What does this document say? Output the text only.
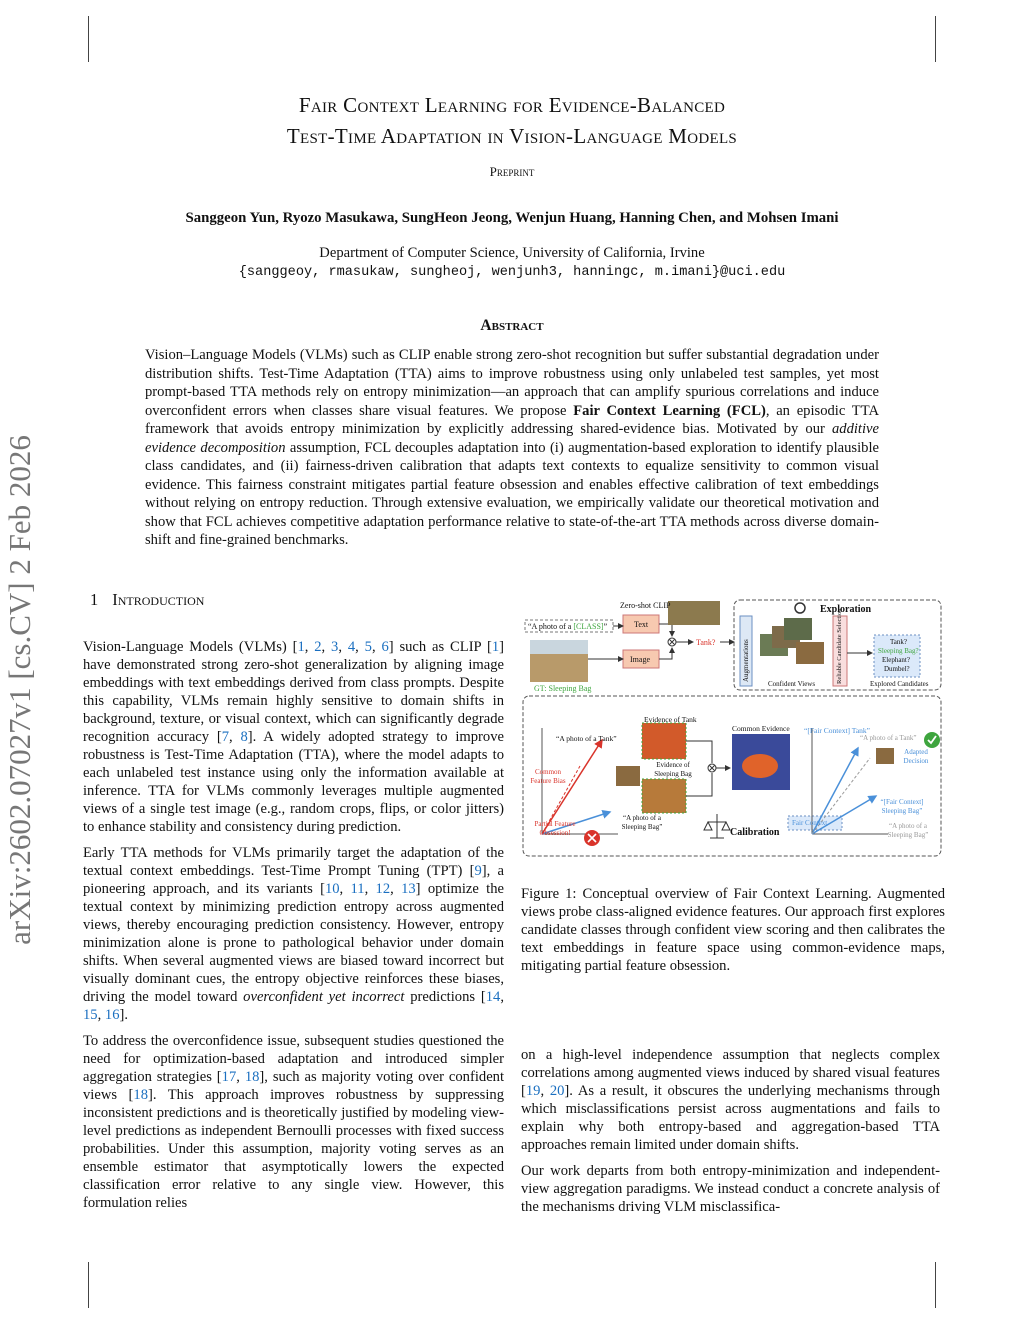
arXiv:2602.07027v1 [cs.CV] 2 Feb 2026
Fair Context Learning for Evidence-Balanced
Test-Time Adaptation in Vision-Language Models
Preprint
Sanggeon Yun, Ryozo Masukawa, SungHeon Jeong, Wenjun Huang, Hanning Chen, and Mohsen Imani
Department of Computer Science, University of California, Irvine
{sanggeoy, rmasukaw, sungheoj, wenjunh3, hanningc, m.imani}@uci.edu
Abstract
Vision–Language Models (VLMs) such as CLIP enable strong zero-shot recognition but suffer substantial degradation under distribution shifts. Test-Time Adaptation (TTA) aims to improve robustness using only unlabeled test samples, yet most prompt-based TTA methods rely on entropy minimization—an approach that can amplify spurious correlations and induce overconfident errors when classes share visual features. We propose Fair Context Learning (FCL), an episodic TTA framework that avoids entropy minimization by explicitly addressing shared-evidence bias. Motivated by our additive evidence decomposition assumption, FCL decouples adaptation into (i) augmentation-based exploration to identify plausible class candidates, and (ii) fairness-driven calibration that adapts text contexts to equalize sensitivity to common visual evidence. This fairness constraint mitigates partial feature obsession and enables effective calibration of text embeddings without relying on entropy reduction. Through extensive evaluation, we empirically validate our theoretical motivation and show that FCL achieves competitive adaptation performance relative to state-of-the-art TTA methods across diverse domain-shift and fine-grained benchmarks.
1 Introduction

Vision-Language Models (VLMs) [1, 2, 3, 4, 5, 6] such as CLIP [1] have demonstrated strong zero-shot generalization by aligning image embeddings with text embeddings derived from class prompts. Despite this capability, VLMs remain highly sensitive to domain shifts in background, texture, or visual context, which can significantly degrade recognition accuracy [7, 8]. A widely adopted strategy to improve robustness is Test-Time Adaptation (TTA), where the model adapts to each unlabeled test instance using only the information available at inference. TTA for VLMs commonly leverages multiple augmented views of a single test image (e.g., random crops, flips, or color jitters) to enhance stability and consistency during prediction.

Early TTA methods for VLMs primarily target the adaptation of the textual context embeddings. Test-Time Prompt Tuning (TPT) [9], a pioneering approach, and its variants [10, 11, 12, 13] optimize the textual context by minimizing prediction entropy across augmented views, thereby encouraging prediction consistency. However, entropy minimization alone is prone to pathological behavior under domain shifts. When several augmented views are biased toward incorrect but visually dominant cues, the entropy objective reinforces these biases, driving the model toward overconfident yet incorrect predictions [14, 15, 16].

To address the overconfidence issue, subsequent studies questioned the need for optimization-based adaptation and introduced simpler aggregation strategies [17, 18], such as majority voting over confident views [18]. This approach improves robustness by suppressing inconsistent predictions and is theoretically justified by modeling view-level predictions as independent Bernoulli processes with fixed success probabilities. Under this assumption, majority voting serves as an ensemble estimator that asymptotically lowers the expected classification error relative to any single view. However, this formulation relies

Zero-shot CLIP
“A photo of a [CLASS]”	Text
Image
Tank?
GT: Sleeping Bag
Exploration
Augmentations
Confident Views	Reliable Candidate Selection	Explored Candidates
Tank?
Sleeping Bag?
Elephant?
Dumbel?
Evidence of Tank
Evidence of Sleeping Bag
“A photo of a Tank”
“A photo of a Sleeping Bag”
Common Feature Bias
Partial Feature Obsession!
Common Evidence
Calibration
“[Fair Context] Tank”
Fair Context
“[Fair Context] Sleeping Bag”
Adapted Decision
“A photo of a Tank”
“A photo of a Sleeping Bag”
Figure 1: Conceptual overview of Fair Context Learning. Augmented views probe class-aligned evidence features. Our approach first explores candidate classes through confident view scoring and then calibrates the text embeddings in feature space using common-evidence maps, mitigating partial feature obsession.

on a high-level independence assumption that neglects complex correlations among augmented views induced by shared visual features [19, 20]. As a result, it obscures the underlying mechanisms through which misclassifications persist across augmentations and fails to explain why both entropy-based and aggregation-based TTA approaches remain limited under domain shifts.

Our work departs from both entropy-minimization and independent-view aggregation paradigms. We instead conduct a concrete analysis of the mechanisms driving VLM misclassifica-
